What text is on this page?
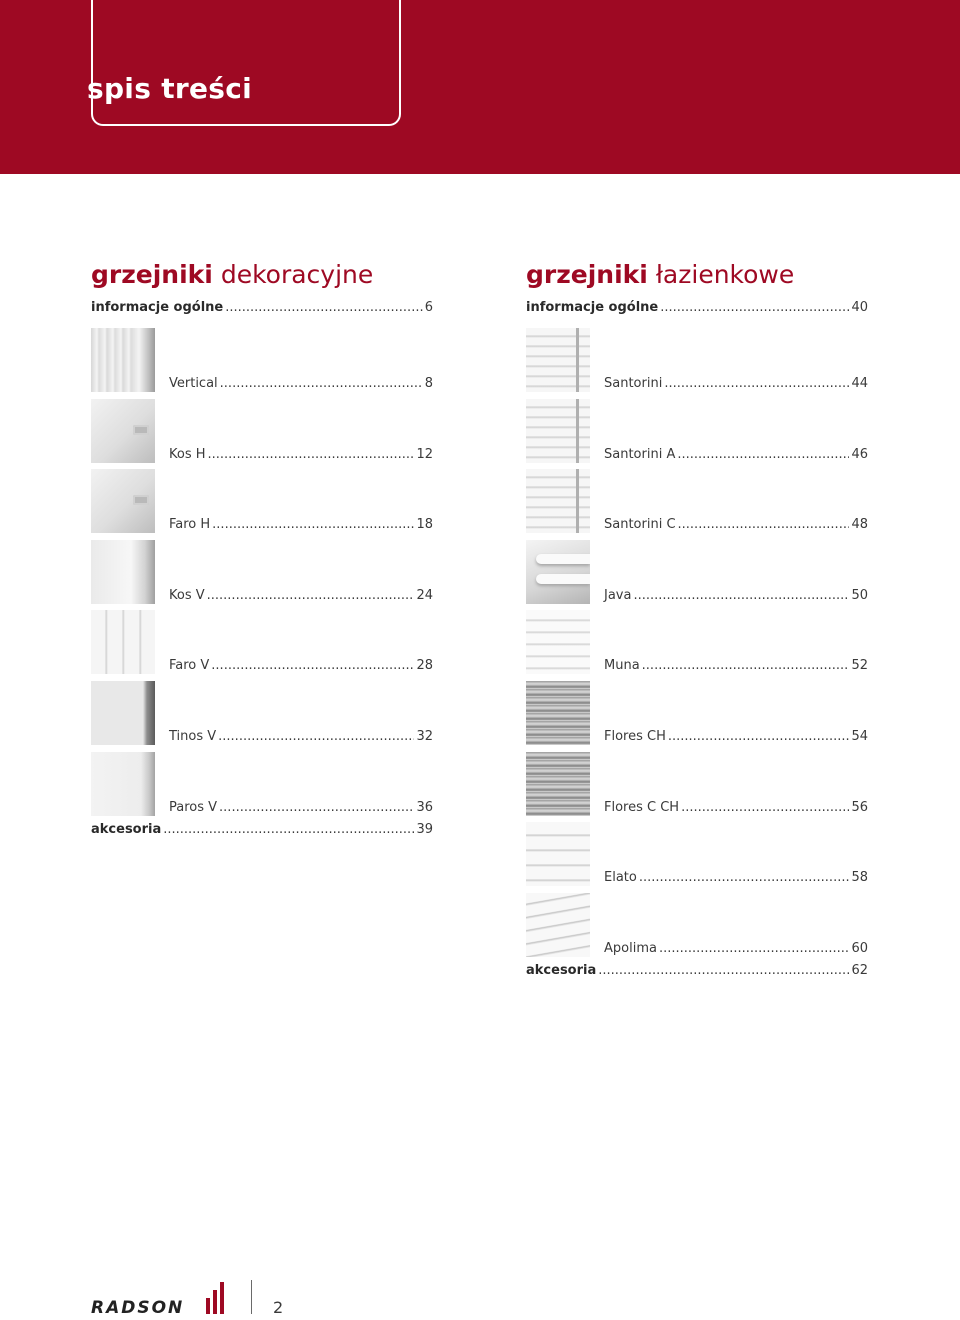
spis treści
grzejniki dekoracyjne
informacje ogólne .....	6
Vertical .....	8
Kos H .....	12
Faro H .....	18
Kos V .....	24
Faro V .....	28
Tinos V .....	32
Paros V .....	36
akcesoria .....	39
grzejniki łazienkowe
informacje ogólne .....	40
Santorini .....	44
Santorini A .....	46
Santorini C .....	48
Java .....	50
Muna .....	52
Flores CH .....	54
Flores C CH .....	56
Elato .....	58
Apolima .....	60
akcesoria .....	62
RADSON	2
